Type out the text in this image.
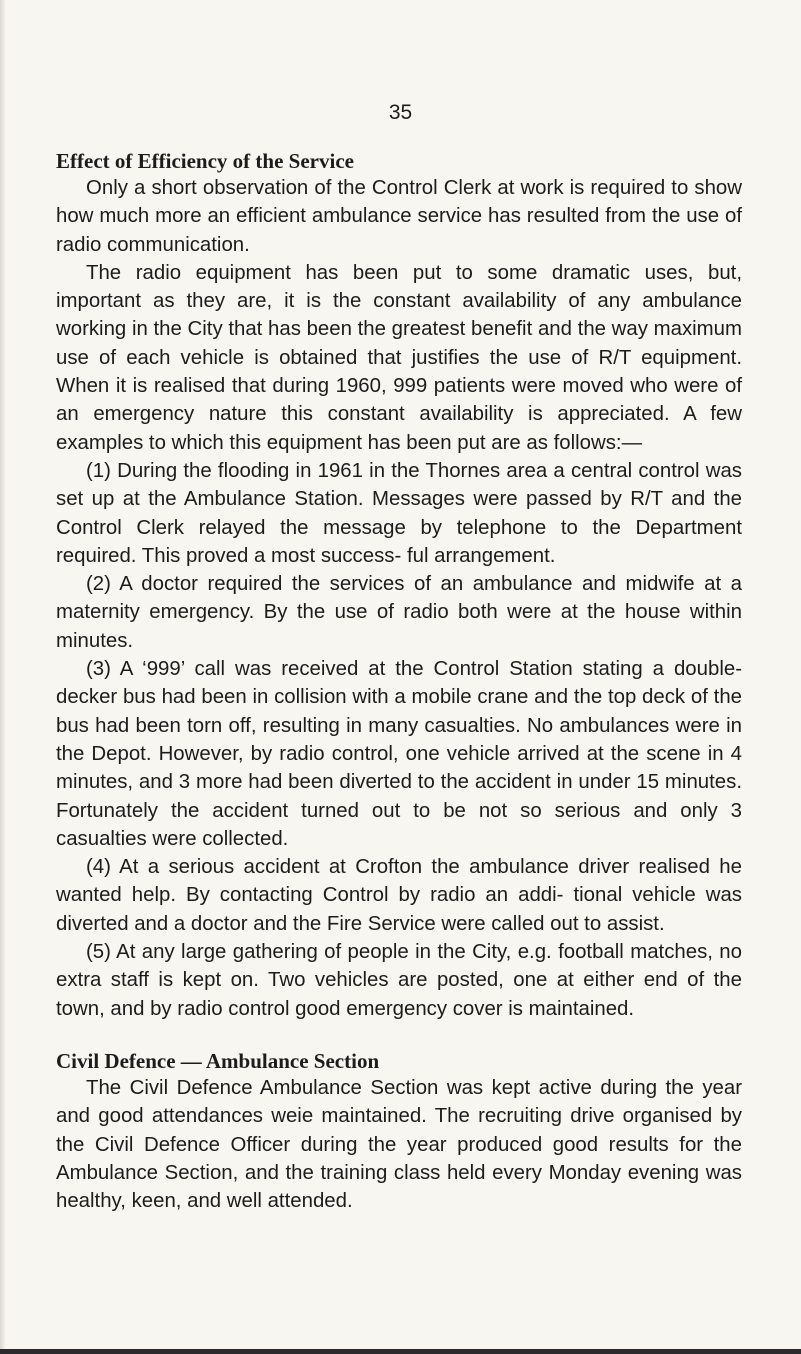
35
Effect of Efficiency of the Service

Only a short observation of the Control Clerk at work is required to show how much more an efficient ambulance service has resulted from the use of radio communication.

The radio equipment has been put to some dramatic uses, but, important as they are, it is the constant availability of any ambulance working in the City that has been the greatest benefit and the way maximum use of each vehicle is obtained that justifies the use of R/T equipment. When it is realised that during 1960, 999 patients were moved who were of an emergency nature this constant availability is appreciated. A few examples to which this equipment has been put are as follows:—

(1) During the flooding in 1961 in the Thornes area a central control was set up at the Ambulance Station. Messages were passed by R/T and the Control Clerk relayed the message by telephone to the Department required. This proved a most success- ful arrangement.

(2) A doctor required the services of an ambulance and midwife at a maternity emergency. By the use of radio both were at the house within minutes.

(3) A ‘999’ call was received at the Control Station stating a double-decker bus had been in collision with a mobile crane and the top deck of the bus had been torn off, resulting in many casualties. No ambulances were in the Depot. However, by radio control, one vehicle arrived at the scene in 4 minutes, and 3 more had been diverted to the accident in under 15 minutes. Fortunately the accident turned out to be not so serious and only 3 casualties were collected.

(4) At a serious accident at Crofton the ambulance driver realised he wanted help. By contacting Control by radio an addi- tional vehicle was diverted and a doctor and the Fire Service were called out to assist.

(5) At any large gathering of people in the City, e.g. football matches, no extra staff is kept on. Two vehicles are posted, one at either end of the town, and by radio control good emergency cover is maintained.

Civil Defence — Ambulance Section

The Civil Defence Ambulance Section was kept active during the year and good attendances weie maintained. The recruiting drive organised by the Civil Defence Officer during the year produced good results for the Ambulance Section, and the training class held every Monday evening was healthy, keen, and well attended.
